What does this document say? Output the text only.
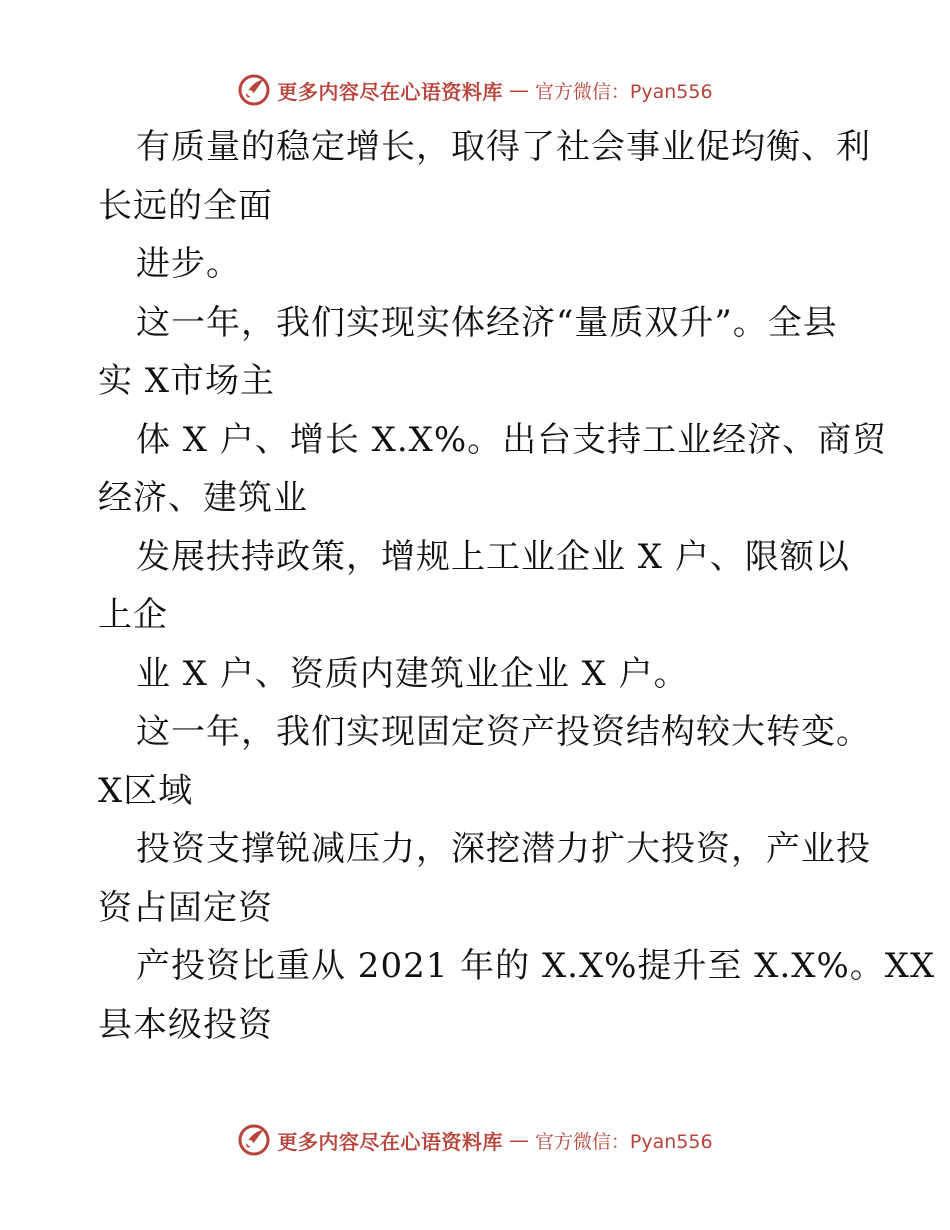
更多内容尽在心语资料库 — 官方微信：Pyan556
有质量的稳定增长，取得了社会事业促均衡、利
长远的全面
进步。
这一年，我们实现实体经济“量质双升”。全县
实 X市场主
体 X 户、增长 X.X%。出台支持工业经济、商贸
经济、建筑业
发展扶持政策，增规上工业企业 X 户、限额以
上企
业 X 户、资质内建筑业企业 X 户。
这一年，我们实现固定资产投资结构较大转变。
X区域
投资支撑锐减压力，深挖潜力扩大投资，产业投
资占固定资
产投资比重从 2021 年的 X.X%提升至 X.X%。XX
县本级投资
更多内容尽在心语资料库 — 官方微信：Pyan556
